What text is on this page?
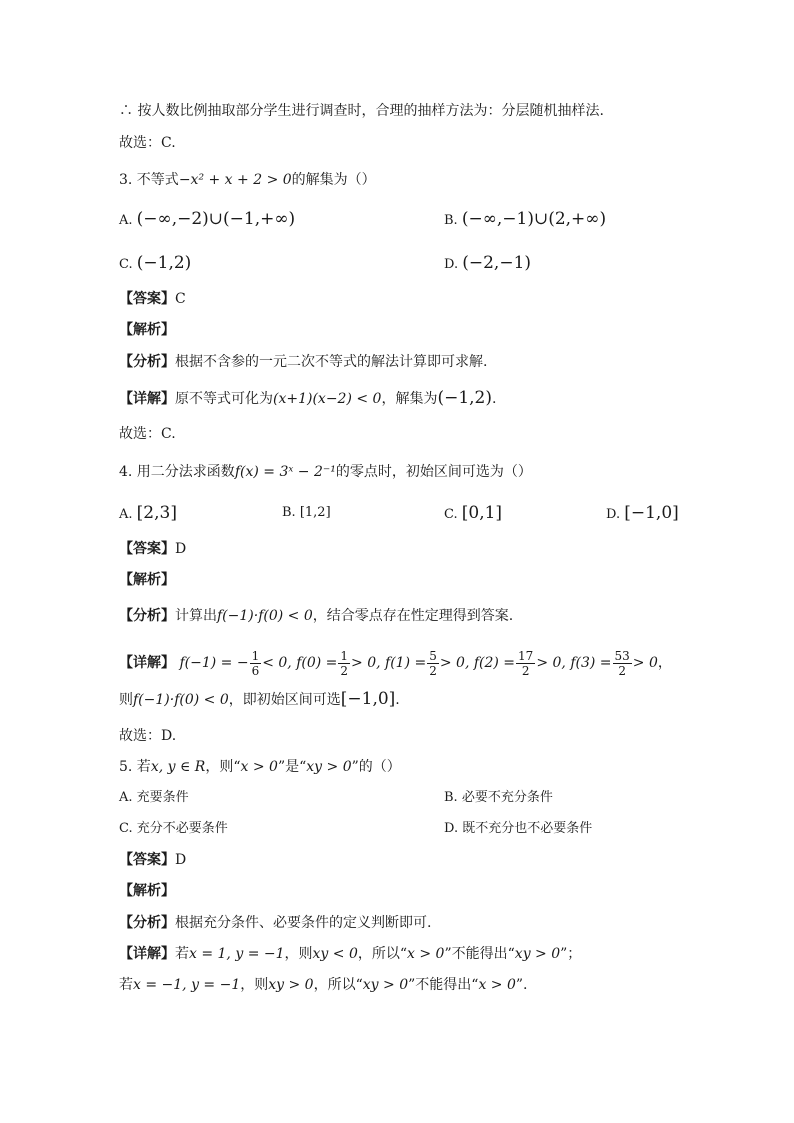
∴ 按人数比例抽取部分学生进行调查时，合理的抽样方法为：分层随机抽样法.
故选：C.
3. 不等式−x² + x + 2 > 0的解集为（）
A. (−∞,−2)∪(−1,+∞)	B. (−∞,−1)∪(2,+∞)
C. (−1,2)	D. (−2,−1)
【答案】C
【解析】
【分析】根据不含参的一元二次不等式的解法计算即可求解.
【详解】原不等式可化为(x+1)(x−2) < 0，解集为(−1,2).
故选：C.
4. 用二分法求函数f(x) = 3ˣ − 2⁻¹的零点时，初始区间可选为（）
A. [2,3]	B. [1,2]	C. [0,1]	D. [−1,0]
【答案】D
【解析】
【分析】计算出f(−1)·f(0) < 0，结合零点存在性定理得到答案.
【详解】 f(−1) = − $\frac{1}{6} < 0$, $f(0) = \frac{1}{2} > 0$, $f(1) = \frac{5}{2} > 0$, $f(2) = \frac{17}{2} > 0$, $f(3) = \frac{53}{2} > 0$，
则f(−1)·f(0) < 0，即初始区间可选[−1,0].
故选：D.
5. 若x, y ∈ R，则“x > 0”是“xy > 0”的（）
A. 充要条件	B. 必要不充分条件
C. 充分不必要条件	D. 既不充分也不必要条件
【答案】D
【解析】
【分析】根据充分条件、必要条件的定义判断即可.
【详解】若x = 1, y = −1，则xy < 0，所以“x > 0”不能得出“xy > 0”；
若x = −1, y = −1，则xy > 0，所以“xy > 0”不能得出“x > 0”.
